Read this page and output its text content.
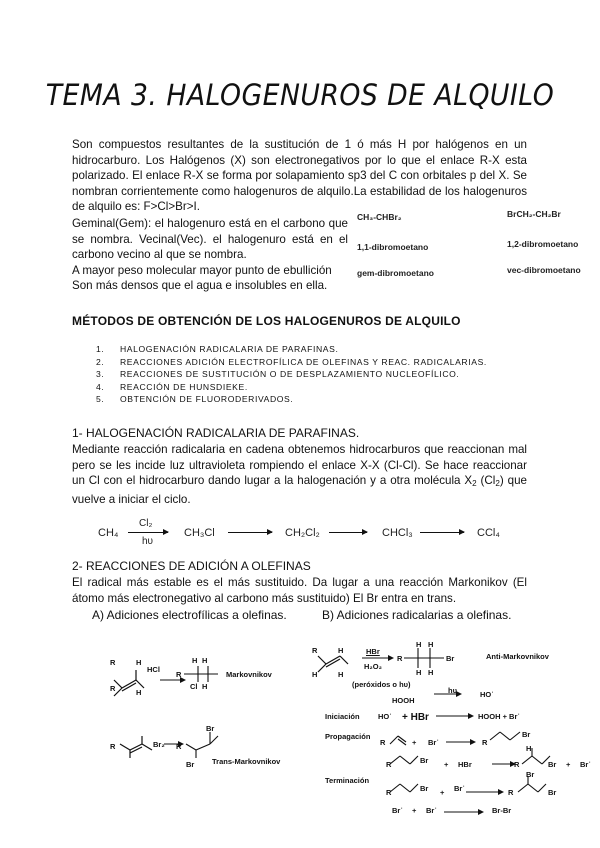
TEMA 3. HALOGENUROS DE ALQUILO

Son compuestos resultantes de la sustitución de 1 ó más H por halógenos en un hidrocarburo. Los Halógenos (X) son electronegativos por lo que el enlace R-X esta polarizado. El enlace R-X se forma por solapamiento sp3 del C con orbitales p del X. Se nombran corrientemente como halogenuros de alquilo.La estabilidad de los halogenuros de alquilo es: F>Cl>Br>I.

Geminal(Gem): el halogenuro está en el carbono que se nombra. Vecinal(Vec). el halogenuro está en el carbono vecino al que se nombra.

A mayor peso molecular mayor punto de ebullición

Son más densos que el agua e insolubles en ella.

CH₃-CHBr₂	BrCH₂-CH₂Br
1,1-dibromoetano	1,2-dibromoetano
gem-dibromoetano	vec-dibromoetano
MÉTODOS DE OBTENCIÓN DE LOS HALOGENUROS DE ALQUILO
1. HALOGENACIÓN RADICALARIA DE PARAFINAS.
2. REACCIONES ADICIÓN ELECTROFÍLICA DE OLEFINAS Y REAC. RADICALARIAS.
3. REACCIONES DE SUSTITUCIÓN O DE DESPLAZAMIENTO NUCLEOFÍLICO.
4. REACCIÓN DE HUNSDIEKE.
5. OBTENCIÓN DE FLUORODERIVADOS.
1- HALOGENACIÓN RADICALARIA DE PARAFINAS.

Mediante reacción radicalaria en cadena obtenemos hidrocarburos que reaccionan mal pero se les incide luz ultravioleta rompiendo el enlace X-X (Cl-Cl). Se hace reaccionar un Cl con el hidrocarburo dando lugar a la halogenación y a otra molécula $X_2$ $(Cl_2)$ que vuelve a iniciar el ciclo.

CH₄
Cl₂
hυ
CH₃Cl → CH₂Cl₂ → CHCl₃ → CCl₄
2- REACCIONES DE ADICIÓN A OLEFINAS

El radical más estable es el más sustituido. Da lugar a una reacción Markonikov (El átomo más electronegativo al carbono más sustituido) El Br entra en trans.

A) Adiciones electrofílicas a olefinas.	B) Adiciones radicalarias a olefinas.
R	H
R	H
HCl
R
H H
Cl H
Markovnikov
R	Br₂ R
Br
Br Trans-Markovnikov
R	H
H	H
HBr
H₂O₂
R
H H
H H
Br	Anti-Markovnikov
(peróxidos o hυ)
HOOH
hυ	HO˙
Iniciación HO˙ + HBr	HOOH + Br˙
Propagación
R	+ Br˙	R
Br
R	Br + HBr	R
H
Br + Br˙
Terminación
R	Br + Br˙	R
Br
Br
Br˙ + Br˙	Br-Br
